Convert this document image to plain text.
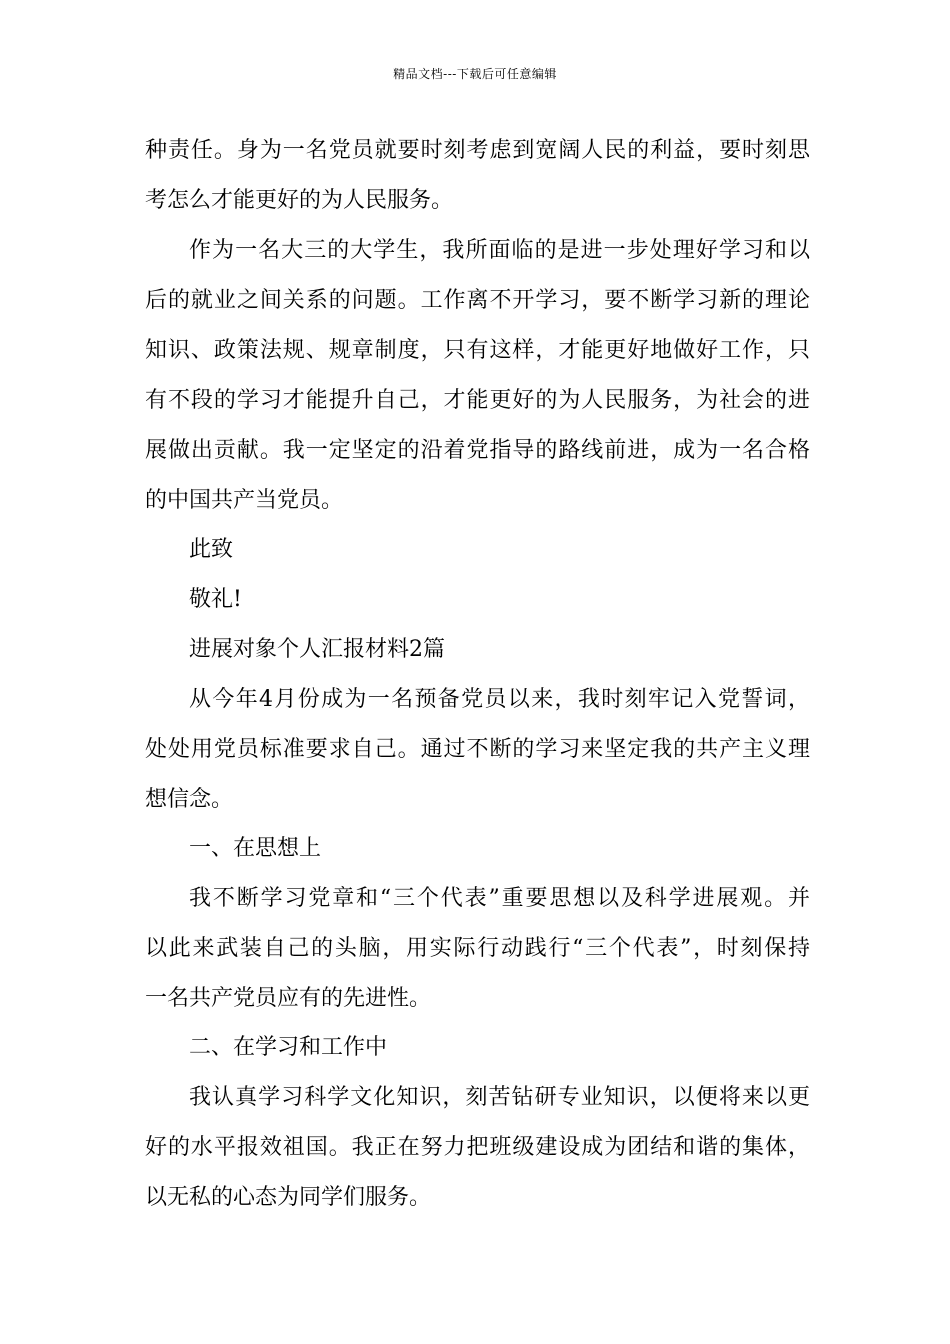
精品文档---下载后可任意编辑
种责任。身为一名党员就要时刻考虑到宽阔人民的利益，要时刻思
考怎么才能更好的为人民服务。
作为一名大三的大学生，我所面临的是进一步处理好学习和以
后的就业之间关系的问题。工作离不开学习，要不断学习新的理论
知识、政策法规、规章制度，只有这样，才能更好地做好工作，只
有不段的学习才能提升自己，才能更好的为人民服务，为社会的进
展做出贡献。我一定坚定的沿着党指导的路线前进，成为一名合格
的中国共产当党员。
此致
敬礼!
进展对象个人汇报材料2篇
从今年4月份成为一名预备党员以来，我时刻牢记入党誓词，
处处用党员标准要求自己。通过不断的学习来坚定我的共产主义理
想信念。
一、在思想上
我不断学习党章和“三个代表”重要思想以及科学进展观。并
以此来武装自己的头脑，用实际行动践行“三个代表”，时刻保持
一名共产党员应有的先进性。
二、在学习和工作中
我认真学习科学文化知识，刻苦钻研专业知识，以便将来以更
好的水平报效祖国。我正在努力把班级建设成为团结和谐的集体，
以无私的心态为同学们服务。
